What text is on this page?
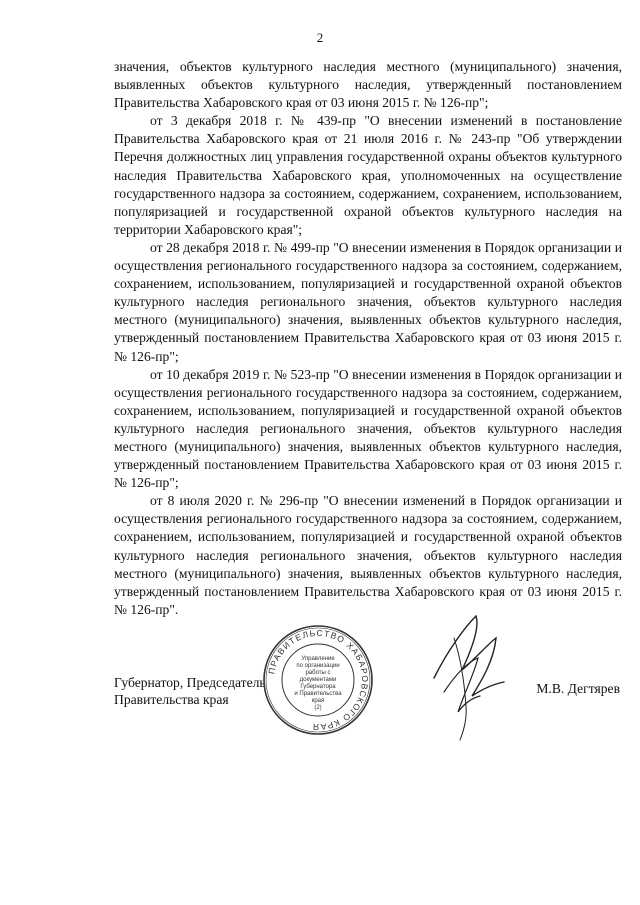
2

значения, объектов культурного наследия местного (муниципального) значения, выявленных объектов культурного наследия, утвержденный постановлением Правительства Хабаровского края от 03 июня 2015 г. № 126-пр";

от 3 декабря 2018 г. № 439-пр "О внесении изменений в постановление Правительства Хабаровского края от 21 июля 2016 г. № 243-пр "Об утверждении Перечня должностных лиц управления государственной охраны объектов культурного наследия Правительства Хабаровского края, уполномоченных на осуществление государственного надзора за состоянием, содержанием, сохранением, использованием, популяризацией и государственной охраной объектов культурного наследия на территории Хабаровского края";

от 28 декабря 2018 г. № 499-пр "О внесении изменения в Порядок организации и осуществления регионального государственного надзора за состоянием, содержанием, сохранением, использованием, популяризацией и государственной охраной объектов культурного наследия регионального значения, объектов культурного наследия местного (муниципального) значения, выявленных объектов культурного наследия, утвержденный постановлением Правительства Хабаровского края от 03 июня 2015 г. № 126-пр";

от 10 декабря 2019 г. № 523-пр "О внесении изменения в Порядок организации и осуществления регионального государственного надзора за состоянием, содержанием, сохранением, использованием, популяризацией и государственной охраной объектов культурного наследия регионального значения, объектов культурного наследия местного (муниципального) значения, выявленных объектов культурного наследия, утвержденный постановлением Правительства Хабаровского края от 03 июня 2015 г. № 126-пр";

от 8 июля 2020 г. № 296-пр "О внесении изменений в Порядок организации и осуществления регионального государственного надзора за состоянием, содержанием, сохранением, использованием, популяризацией и государственной охраной объектов культурного наследия регионального значения, объектов культурного наследия местного (муниципального) значения, выявленных объектов культурного наследия, утвержденный постановлением Правительства Хабаровского края от 03 июня 2015 г. № 126-пр".

Губернатор, Председатель
Правительства края
ПРАВИТЕЛЬСТВО ХАБАРОВСКОГО КРАЯ
Управление
по организации
работы с документами
Губернатора
и Правительства
края
(2)
М.В. Дегтярев
